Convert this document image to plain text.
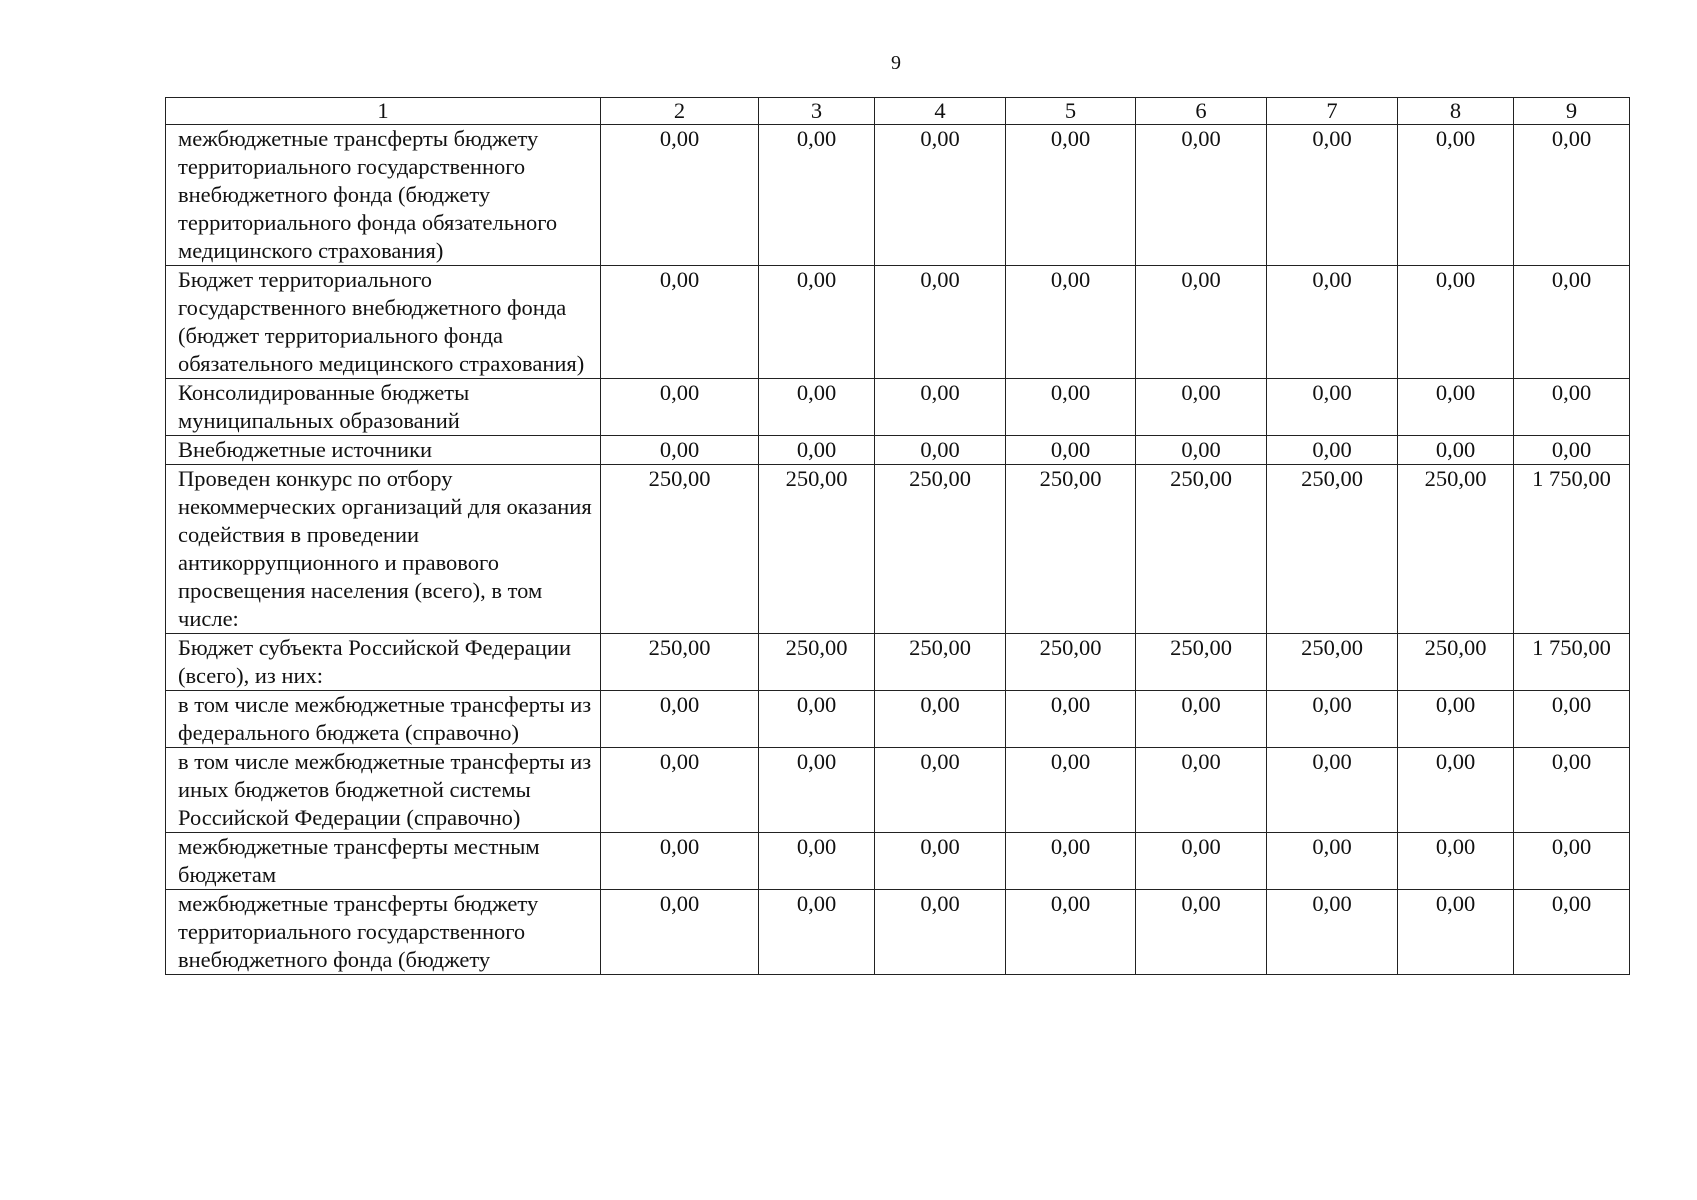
9
1	2	3	4	5	6	7	8	9
межбюджетные трансферты бюджету территориального государственного внебюджетного фонда (бюджету территориального фонда обязательного медицинского страхования)	0,00	0,00	0,00	0,00	0,00	0,00	0,00	0,00
Бюджет территориального государственного внебюджетного фонда (бюджет территориального фонда обязательного медицинского страхования)	0,00	0,00	0,00	0,00	0,00	0,00	0,00	0,00
Консолидированные бюджеты муниципальных образований	0,00	0,00	0,00	0,00	0,00	0,00	0,00	0,00
Внебюджетные источники	0,00	0,00	0,00	0,00	0,00	0,00	0,00	0,00
Проведен конкурс по отбору некоммерческих организаций для оказания содействия в проведении антикоррупционного и правового просвещения населения (всего), в том числе:	250,00	250,00	250,00	250,00	250,00	250,00	250,00	1 750,00
Бюджет субъекта Российской Федерации (всего), из них:	250,00	250,00	250,00	250,00	250,00	250,00	250,00	1 750,00
в том числе межбюджетные трансферты из федерального бюджета (справочно)	0,00	0,00	0,00	0,00	0,00	0,00	0,00	0,00
в том числе межбюджетные трансферты из иных бюджетов бюджетной системы Российской Федерации (справочно)	0,00	0,00	0,00	0,00	0,00	0,00	0,00	0,00
межбюджетные трансферты местным бюджетам	0,00	0,00	0,00	0,00	0,00	0,00	0,00	0,00
межбюджетные трансферты бюджету территориального государственного внебюджетного фонда (бюджету	0,00	0,00	0,00	0,00	0,00	0,00	0,00	0,00
